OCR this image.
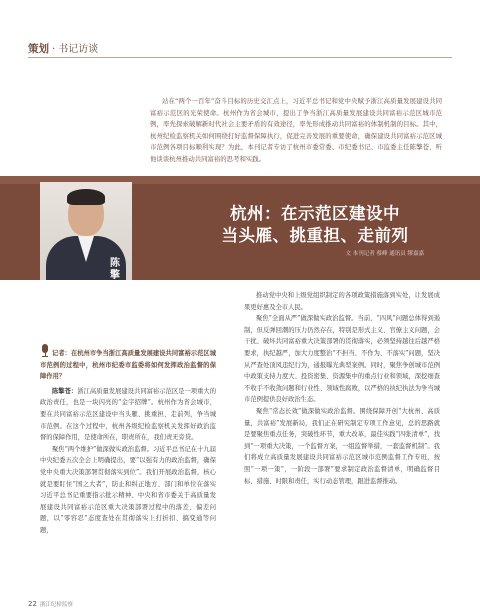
策划 · 书记访谈

站在“两个一百年”奋斗目标的历史交汇点上，习近平总书记和党中央赋予浙江高质量发展建设共同富裕示范区的光荣使命。杭州作为省会城市，提出了争当浙江高质量发展建设共同富裕示范区城市范例，率先探索破解新时代社会主要矛盾的有效途径，率先形成推动共同富裕的体制机制的目标。其中，杭州纪检监察机关如何围绕打好监督保障执行，促进完善发展的重要使命，确保建设共同富裕示范区城市范例各项目标顺利实现？为此，本刊记者专访了杭州市委常委、市纪委书记、市监委主任陈擎苍，听他谈谈杭州推动共同富裕的思考和实践。

陈擎苍
杭州：在示范区建设中
当头雁、挑重担、走前列
文 本刊记者 蔡峰 通讯员 缪嘉嘉

记者：在杭州市争当浙江高质量发展建设共同富裕示范区城市范例的过程中，杭州市纪委市监委将如何发挥政治监督的保障作用？

陈擎苍：浙江高质量发展建设共同富裕示范区是一项重大的政治责任，也是一块闪亮的“金字招牌”。杭州作为省会城市，要在共同富裕示范区建设中当头雁、挑重担、走前列，争当城市范例。在这个过程中，杭州各级纪检监察机关发挥好政治监督的保障作用，是使命所在，职责所在，我们责无旁贷。

聚焦“两个维护”做深做实政治监督。习近平总书记在十九届中央纪委五次全会上明确提出，要“以强有力的政治监督，确保党中央重大决策部署贯彻落实到位”。我们开展政治监督，核心就是要盯住“国之大者”，防止和纠正地方、部门和单位在落实习近平总书记重要指示批示精神、中央和省市委关于高质量发展建设共同富裕示范区重大决策部署过程中的落差、偏差问题，以“零容忍”态度查处在贯彻落实上打折扣、搞变通等问题，

推动党中央和上级党组织制定的各项政策措施落到实处，让发展成果更好惠及全市人民。

聚焦“全面从严”做深做实政治监督。当前，“四风”问题总体得到遏制，但反弹回潮的压力仍然存在，特别是形式主义、官僚主义问题，会干扰、破坏共同富裕重大决策部署的贯彻落实，必须坚持越往后越严格要求，执纪越严，加大力度整治“不担当、不作为、不落实”问题，坚决从严查处顶风违纪行为，通报曝光典型案例。同时，聚焦争创城市范例中政策支持力度大、投资密集、资源集中的重点行业和领域，深挖细查不收手不收敛问题和行业性、领域性腐败，以严格的执纪执法为争当城市范例提供良好政治生态。

聚焦“常态长效”做深做实政治监督。围绕保障开创“大杭州、高质量，共富裕”发展新局，我们正在研究制定专项工作意见，总的思路就是要聚焦重点任务，突破性环节，重大改革，最佳实践“四张清单”，找到“一项重大决策，一个监督方案，一组监督举措，一套监督机制”。我们将成立高质量发展建设共同富裕示范区城市范例监督工作专班，按照“一项一策”，一阶段一部署”要求制定政治监督清单，明确监督目标、措施、时限和责任，实行动态管理，跟进监督推动。

22 浙江纪检监察
